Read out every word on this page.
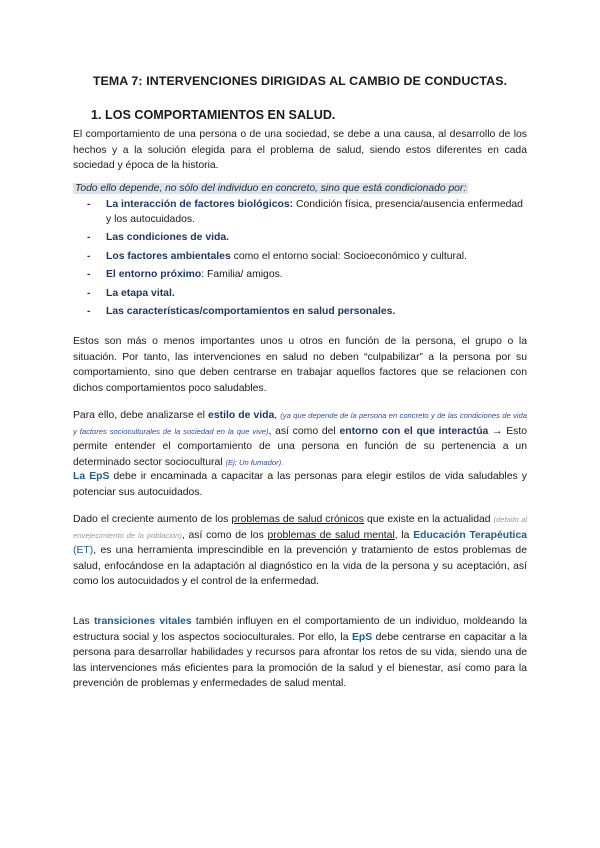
TEMA 7: INTERVENCIONES DIRIGIDAS AL CAMBIO DE CONDUCTAS.
1. LOS COMPORTAMIENTOS EN SALUD.
El comportamiento de una persona o de una sociedad, se debe a una causa, al desarrollo de los hechos y a la solución elegida para el problema de salud, siendo estos diferentes en cada sociedad y época de la historia.
Todo ello depende, no sólo del individuo en concreto, sino que está condicionado por:
- La interacción de factores biológicos: Condición física, presencia/ausencia enfermedad y los autocuidados.
- Las condiciones de vida.
- Los factores ambientales como el entorno social: Socioeconómico y cultural.
- El entorno próximo: Familia/ amigos.
- La etapa vital.
- Las características/comportamientos en salud personales.
Estos son más o menos importantes unos u otros en función de la persona, el grupo o la situación. Por tanto, las intervenciones en salud no deben “culpabilizar” a la persona por su comportamiento, sino que deben centrarse en trabajar aquellos factores que se relacionen con dichos comportamientos poco saludables.
Para ello, debe analizarse el estilo de vida, (ya que depende de la persona en concreto y de las condiciones de vida y factores socioculturales de la sociedad en la que vive), así como del entorno con el que interactúa → Esto permite entender el comportamiento de una persona en función de su pertenencia a un determinado sector sociocultural (Ej: Un fumador).
La EpS debe ir encaminada a capacitar a las personas para elegir estilos de vida saludables y potenciar sus autocuidados.
Dado el creciente aumento de los problemas de salud crónicos que existe en la actualidad (debido al envejecimiento de la población), así como de los problemas de salud mental, la Educación Terapéutica (ET), es una herramienta imprescindible en la prevención y tratamiento de estos problemas de salud, enfocándose en la adaptación al diagnóstico en la vida de la persona y su aceptación, así como los autocuidados y el control de la enfermedad.
Las transiciones vitales también influyen en el comportamiento de un individuo, moldeando la estructura social y los aspectos socioculturales. Por ello, la EpS debe centrarse en capacitar a la persona para desarrollar habilidades y recursos para afrontar los retos de su vida, siendo una de las intervenciones más eficientes para la promoción de la salud y el bienestar, así como para la prevención de problemas y enfermedades de salud mental.
